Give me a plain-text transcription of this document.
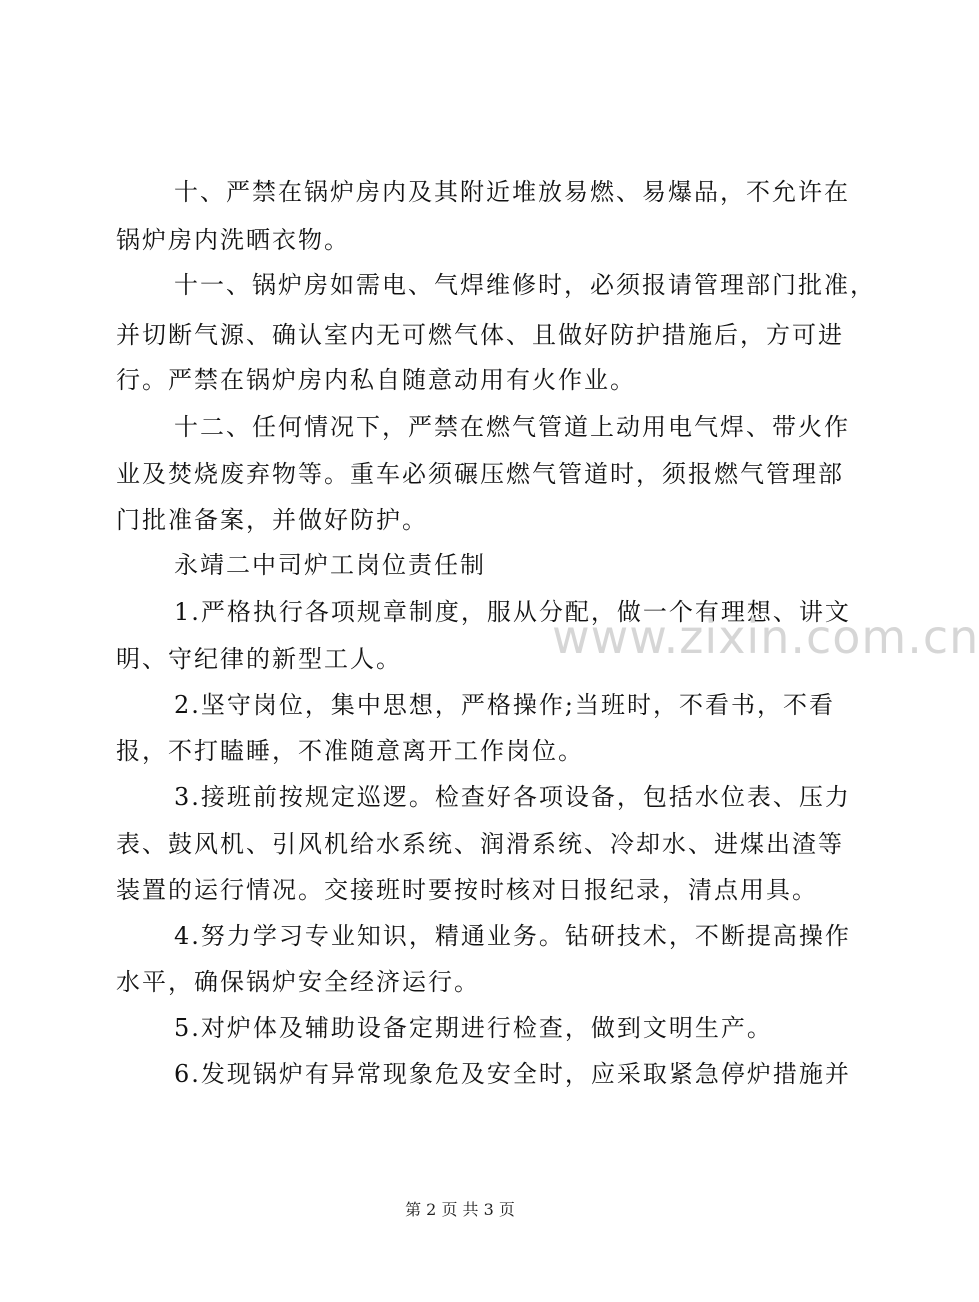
十、严禁在锅炉房内及其附近堆放易燃、易爆品，不允许在
锅炉房内洗晒衣物。
十一、锅炉房如需电、气焊维修时，必须报请管理部门批准，
并切断气源、确认室内无可燃气体、且做好防护措施后，方可进
行。严禁在锅炉房内私自随意动用有火作业。
十二、任何情况下，严禁在燃气管道上动用电气焊、带火作
业及焚烧废弃物等。重车必须碾压燃气管道时，须报燃气管理部
门批准备案，并做好防护。
永靖二中司炉工岗位责任制
1.严格执行各项规章制度，服从分配，做一个有理想、讲文
明、守纪律的新型工人。
2.坚守岗位，集中思想，严格操作;当班时，不看书，不看
报，不打瞌睡，不准随意离开工作岗位。
3.接班前按规定巡逻。检查好各项设备，包括水位表、压力
表、鼓风机、引风机给水系统、润滑系统、冷却水、进煤出渣等
装置的运行情况。交接班时要按时核对日报纪录，清点用具。
4.努力学习专业知识，精通业务。钻研技术，不断提高操作
水平，确保锅炉安全经济运行。
5.对炉体及辅助设备定期进行检查，做到文明生产。
6.发现锅炉有异常现象危及安全时，应采取紧急停炉措施并
www.zixin.com.cn
第 2 页 共 3 页
